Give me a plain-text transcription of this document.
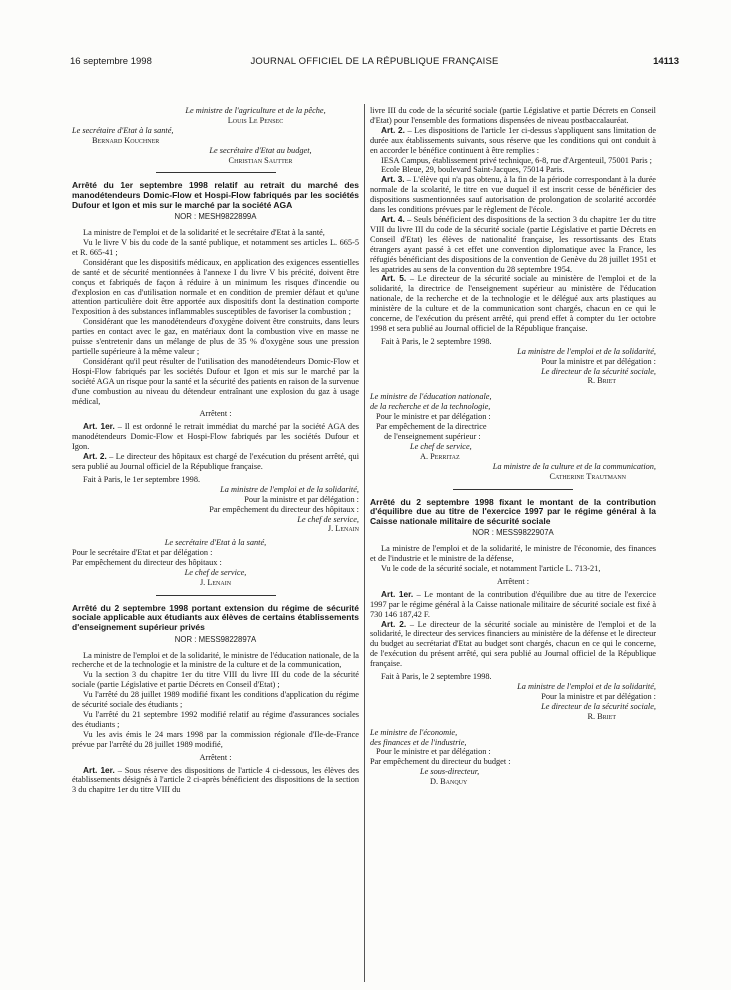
16 septembre 1998	JOURNAL OFFICIEL DE LA RÉPUBLIQUE FRANÇAISE	14113

Le ministre de l'agriculture et de la pêche,

Louis Le Pensec

Le secrétaire d'Etat à la santé,

Bernard Kouchner

Le secrétaire d'Etat au budget,

Christian Sautter

Arrêté du 1er septembre 1998 relatif au retrait du marché des manodétendeurs Domic-Flow et Hospi-Flow fabriqués par les sociétés Dufour et Igon et mis sur le marché par la société AGA

NOR : MESH9822899A

La ministre de l'emploi et de la solidarité et le secrétaire d'Etat à la santé,

Vu le livre V bis du code de la santé publique, et notamment ses articles L. 665-5 et R. 665-41 ;

Considérant que les dispositifs médicaux, en application des exigences essentielles de santé et de sécurité mentionnées à l'annexe I du livre V bis précité, doivent être conçus et fabriqués de façon à réduire à un minimum les risques d'incendie ou d'explosion en cas d'utilisation normale et en condition de premier défaut et qu'une attention particulière doit être apportée aux dispositifs dont la destination comporte l'exposition à des substances inflammables susceptibles de favoriser la combustion ;

Considérant que les manodétendeurs d'oxygène doivent être construits, dans leurs parties en contact avec le gaz, en matériaux dont la combustion vive en masse ne puisse s'entretenir dans un mélange de plus de 35 % d'oxygène sous une pression partielle supérieure à la même valeur ;

Considérant qu'il peut résulter de l'utilisation des manodétendeurs Domic-Flow et Hospi-Flow fabriqués par les sociétés Dufour et Igon et mis sur le marché par la société AGA un risque pour la santé et la sécurité des patients en raison de la survenue d'une combustion au niveau du détendeur entraînant une explosion du gaz à usage médical,

Arrêtent :

Art. 1er. – Il est ordonné le retrait immédiat du marché par la société AGA des manodétendeurs Domic-Flow et Hospi-Flow fabriqués par les sociétés Dufour et Igon.

Art. 2. – Le directeur des hôpitaux est chargé de l'exécution du présent arrêté, qui sera publié au Journal officiel de la République française.

Fait à Paris, le 1er septembre 1998.

La ministre de l'emploi et de la solidarité,

Pour la ministre et par délégation :

Par empêchement du directeur des hôpitaux :

Le chef de service,

J. Lenain

Le secrétaire d'Etat à la santé,

Pour le secrétaire d'Etat et par délégation :

Par empêchement du directeur des hôpitaux :

Le chef de service,

J. Lenain

Arrêté du 2 septembre 1998 portant extension du régime de sécurité sociale applicable aux étudiants aux élèves de certains établissements d'enseignement supérieur privés

NOR : MESS9822897A

La ministre de l'emploi et de la solidarité, le ministre de l'éducation nationale, de la recherche et de la technologie et la ministre de la culture et de la communication,

Vu la section 3 du chapitre 1er du titre VIII du livre III du code de la sécurité sociale (partie Législative et partie Décrets en Conseil d'Etat) ;

Vu l'arrêté du 28 juillet 1989 modifié fixant les conditions d'application du régime de sécurité sociale des étudiants ;

Vu l'arrêté du 21 septembre 1992 modifié relatif au régime d'assurances sociales des étudiants ;

Vu les avis émis le 24 mars 1998 par la commission régionale d'Ile-de-France prévue par l'arrêté du 28 juillet 1989 modifié,

Arrêtent :

Art. 1er. – Sous réserve des dispositions de l'article 4 ci-dessous, les élèves des établissements désignés à l'article 2 ci-après bénéficient des dispositions de la section 3 du chapitre 1er du titre VIII du

livre III du code de la sécurité sociale (partie Législative et partie Décrets en Conseil d'Etat) pour l'ensemble des formations dispensées de niveau postbaccalauréat.

Art. 2. – Les dispositions de l'article 1er ci-dessus s'appliquent sans limitation de durée aux établissements suivants, sous réserve que les conditions qui ont conduit à en accorder le bénéfice continuent à être remplies :

IESA Campus, établissement privé technique, 6-8, rue d'Argenteuil, 75001 Paris ;

Ecole Bleue, 29, boulevard Saint-Jacques, 75014 Paris.

Art. 3. – L'élève qui n'a pas obtenu, à la fin de la période correspondant à la durée normale de la scolarité, le titre en vue duquel il est inscrit cesse de bénéficier des dispositions susmentionnées sauf autorisation de prolongation de scolarité accordée dans les conditions prévues par le règlement de l'école.

Art. 4. – Seuls bénéficient des dispositions de la section 3 du chapitre 1er du titre VIII du livre III du code de la sécurité sociale (partie Législative et partie Décrets en Conseil d'Etat) les élèves de nationalité française, les ressortissants des Etats étrangers ayant passé à cet effet une convention diplomatique avec la France, les réfugiés bénéficiant des dispositions de la convention de Genève du 28 juillet 1951 et les apatrides au sens de la convention du 28 septembre 1954.

Art. 5. – Le directeur de la sécurité sociale au ministère de l'emploi et de la solidarité, la directrice de l'enseignement supérieur au ministère de l'éducation nationale, de la recherche et de la technologie et le délégué aux arts plastiques au ministère de la culture et de la communication sont chargés, chacun en ce qui le concerne, de l'exécution du présent arrêté, qui prend effet à compter du 1er octobre 1998 et sera publié au Journal officiel de la République française.

Fait à Paris, le 2 septembre 1998.

La ministre de l'emploi et de la solidarité,

Pour la ministre et par délégation :

Le directeur de la sécurité sociale,

R. Briet

Le ministre de l'éducation nationale,

de la recherche et de la technologie,

Pour le ministre et par délégation :

Par empêchement de la directrice

de l'enseignement supérieur :

Le chef de service,

A. Perritaz

La ministre de la culture et de la communication,

Catherine Trautmann

Arrêté du 2 septembre 1998 fixant le montant de la contribution d'équilibre due au titre de l'exercice 1997 par le régime général à la Caisse nationale militaire de sécurité sociale

NOR : MESS9822907A

La ministre de l'emploi et de la solidarité, le ministre de l'économie, des finances et de l'industrie et le ministre de la défense,

Vu le code de la sécurité sociale, et notamment l'article L. 713-21,

Arrêtent :

Art. 1er. – Le montant de la contribution d'équilibre due au titre de l'exercice 1997 par le régime général à la Caisse nationale militaire de sécurité sociale est fixé à 730 146 187,42 F.

Art. 2. – Le directeur de la sécurité sociale au ministère de l'emploi et de la solidarité, le directeur des services financiers au ministère de la défense et le directeur du budget au secrétariat d'Etat au budget sont chargés, chacun en ce qui le concerne, de l'exécution du présent arrêté, qui sera publié au Journal officiel de la République française.

Fait à Paris, le 2 septembre 1998.

La ministre de l'emploi et de la solidarité,

Pour la ministre et par délégation :

Le directeur de la sécurité sociale,

R. Briet

Le ministre de l'économie,

des finances et de l'industrie,

Pour le ministre et par délégation :

Par empêchement du directeur du budget :

Le sous-directeur,

D. Banquy
